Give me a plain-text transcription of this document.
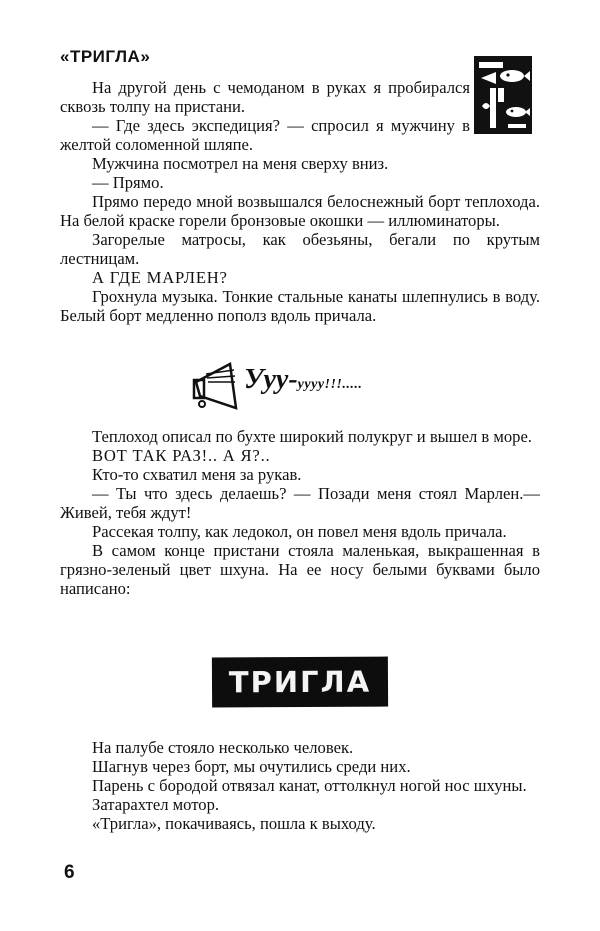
«ТРИГЛА»

На другой день с чемоданом в руках я пробирался сквозь толпу на пристани.

— Где здесь экспедиция? — спросил я мужчину в желтой соломенной шляпе.

Мужчина посмотрел на меня сверху вниз.

— Прямо.

Прямо передо мной возвышался белоснежный борт теплохода. На белой краске горели бронзовые окошки — иллюминаторы.

Загорелые матросы, как обезьяны, бегали по крутым лестницам.

А ГДЕ МАРЛЕН?

Грохнула музыка. Тонкие стальные канаты шлепнулись в воду. Белый борт медленно пополз вдоль причала.

Ууу-уууу!!!.....

Теплоход описал по бухте широкий полукруг и вышел в море.

ВОТ ТАК РАЗ!.. А Я?..

Кто-то схватил меня за рукав.

— Ты что здесь делаешь? — Позади меня стоял Марлен.— Живей, тебя ждут!

Рассекая толпу, как ледокол, он повел меня вдоль причала.

В самом конце пристани стояла маленькая, выкрашенная в грязно-зеленый цвет шхуна. На ее носу белыми буквами было написано:

ТРИГЛА

На палубе стояло несколько человек.

Шагнув через борт, мы очутились среди них.

Парень с бородой отвязал канат, оттолкнул ногой нос шхуны.

Затарахтел мотор.

«Тригла», покачиваясь, пошла к выходу.

6
